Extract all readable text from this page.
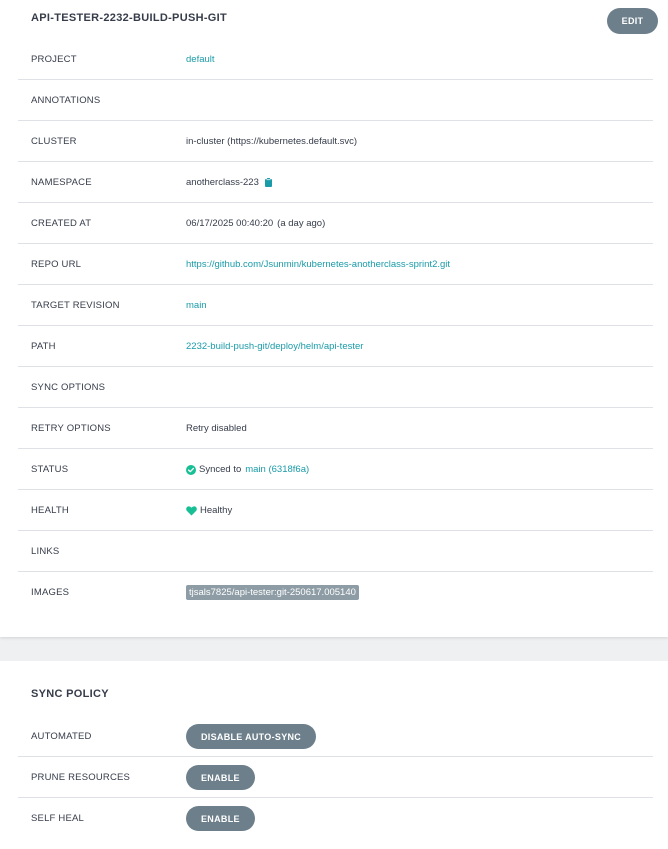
API-TESTER-2232-BUILD-PUSH-GIT	EDIT
PROJECT	default
ANNOTATIONS
CLUSTER	in-cluster (https://kubernetes.default.svc)
NAMESPACE	anotherclass-223
CREATED AT	06/17/2025 00:40:20 (a day ago)
REPO URL	https://github.com/Jsunmin/kubernetes-anotherclass-sprint2.git
TARGET REVISION	main
PATH	2232-build-push-git/deploy/helm/api-tester
SYNC OPTIONS
RETRY OPTIONS	Retry disabled
STATUS	Synced to main (6318f6a)
HEALTH	Healthy
LINKS
IMAGES	tjsals7825/api-tester:git-250617.005140
SYNC POLICY
AUTOMATED	DISABLE AUTO-SYNC
PRUNE RESOURCES	ENABLE
SELF HEAL	ENABLE
